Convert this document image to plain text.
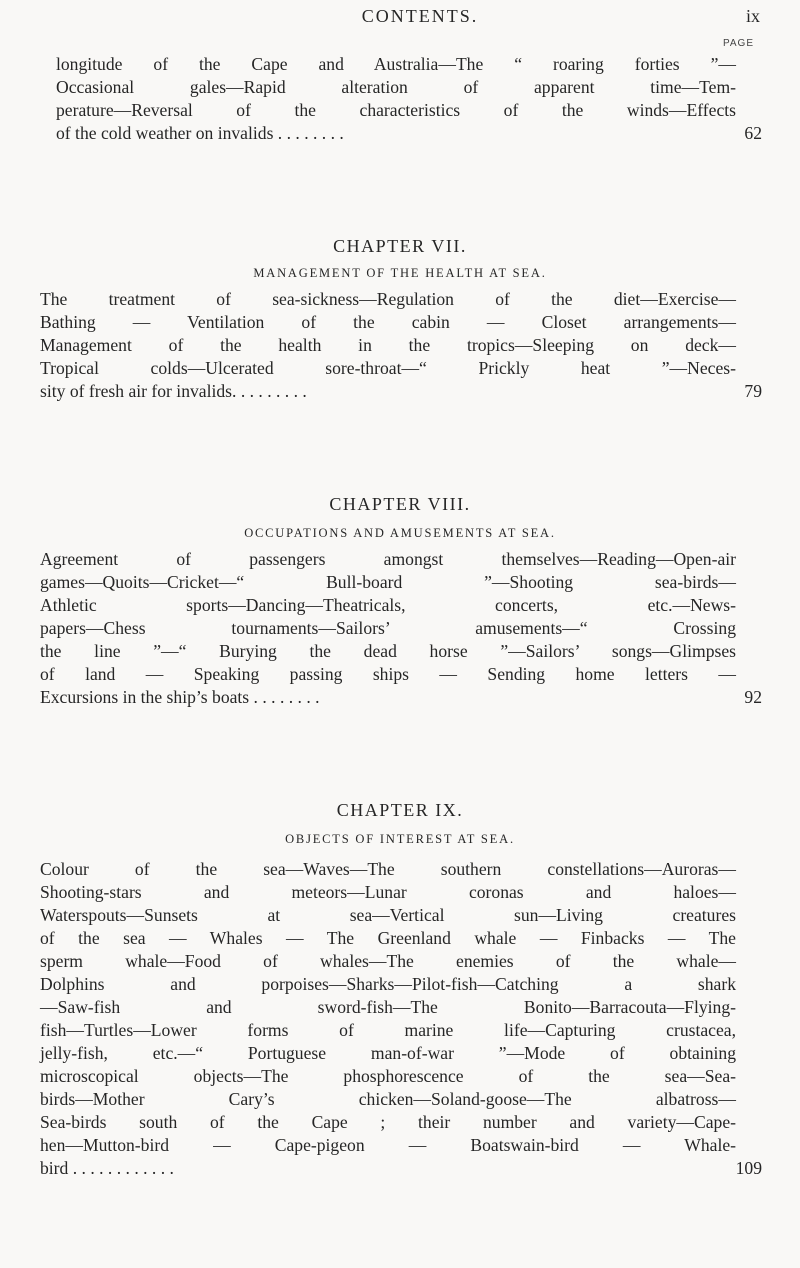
CONTENTS.	ix
PAGE
longitude of the Cape and Australia—The “ roaring forties ”—
Occasional gales—Rapid alteration of apparent time—Tem-
perature—Reversal of the characteristics of the winds—Effects
of the cold weather on invalids . . . . . . . .	62
CHAPTER VII.
MANAGEMENT OF THE HEALTH AT SEA.
The treatment of sea-sickness—Regulation of the diet—Exercise—
Bathing — Ventilation of the cabin — Closet arrangements—
Management of the health in the tropics—Sleeping on deck—
Tropical colds—Ulcerated sore-throat—“ Prickly heat ”—Neces-
sity of fresh air for invalids. . . . . . . . .	79
CHAPTER VIII.
OCCUPATIONS AND AMUSEMENTS AT SEA.
Agreement of passengers amongst themselves—Reading—Open-air
games—Quoits—Cricket—“ Bull-board ”—Shooting sea-birds—
Athletic sports—Dancing—Theatricals, concerts, etc.—News-
papers—Chess tournaments—Sailors’ amusements—“ Crossing
the line ”—“ Burying the dead horse ”—Sailors’ songs—Glimpses
of land — Speaking passing ships — Sending home letters —
Excursions in the ship’s boats . . . . . . . .	92
CHAPTER IX.
OBJECTS OF INTEREST AT SEA.
Colour of the sea—Waves—The southern constellations—Auroras—
Shooting-stars and meteors—Lunar coronas and haloes—
Waterspouts—Sunsets at sea—Vertical sun—Living creatures
of the sea — Whales — The Greenland whale — Finbacks — The
sperm whale—Food of whales—The enemies of the whale—
Dolphins and porpoises—Sharks—Pilot-fish—Catching a shark
—Saw-fish and sword-fish—The Bonito—Barracouta—Flying-
fish—Turtles—Lower forms of marine life—Capturing crustacea,
jelly-fish, etc.—“ Portuguese man-of-war ”—Mode of obtaining
microscopical objects—The phosphorescence of the sea—Sea-
birds—Mother Cary’s chicken—Soland-goose—The albatross—
Sea-birds south of the Cape ; their number and variety—Cape-
hen—Mutton-bird — Cape-pigeon — Boatswain-bird — Whale-
bird . . . . . . . . . . . .	109
